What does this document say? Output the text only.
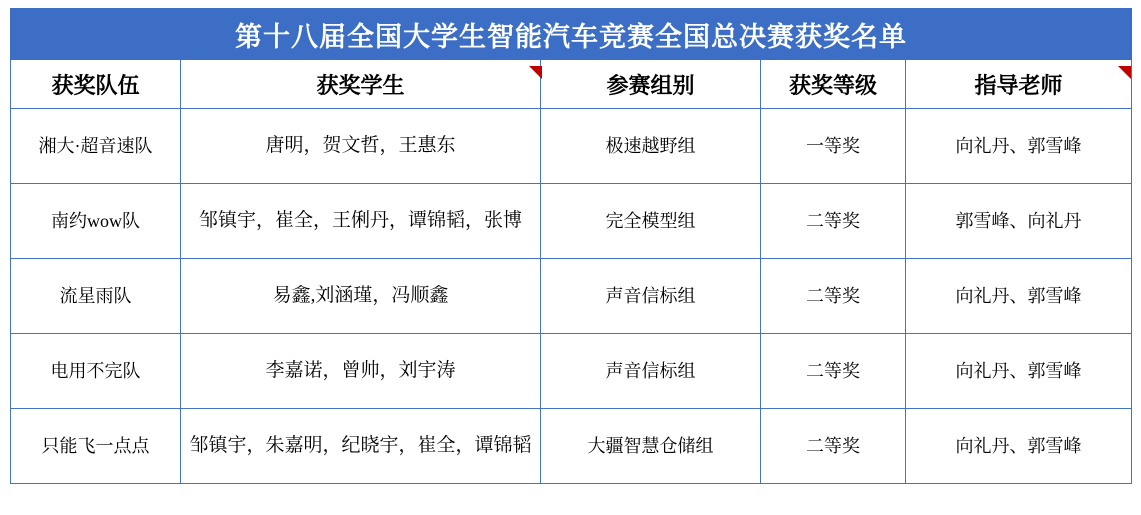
第十八届全国大学生智能汽车竞赛全国总决赛获奖名单				
获奖队伍	获奖学生	参赛组别	获奖等级	指导老师
湘大·超音速队	唐明，贺文哲，王惠东	极速越野组	一等奖	向礼丹、郭雪峰
南约wow队	邹镇宇，崔全，王俐丹，谭锦韬，张博	完全模型组	二等奖	郭雪峰、向礼丹
流星雨队	易鑫,刘涵瑾，冯顺鑫	声音信标组	二等奖	向礼丹、郭雪峰
电用不完队	李嘉诺，曾帅，刘宇涛	声音信标组	二等奖	向礼丹、郭雪峰
只能飞一点点	邹镇宇，朱嘉明，纪晓宇，崔全，谭锦韬	大疆智慧仓储组	二等奖	向礼丹、郭雪峰
